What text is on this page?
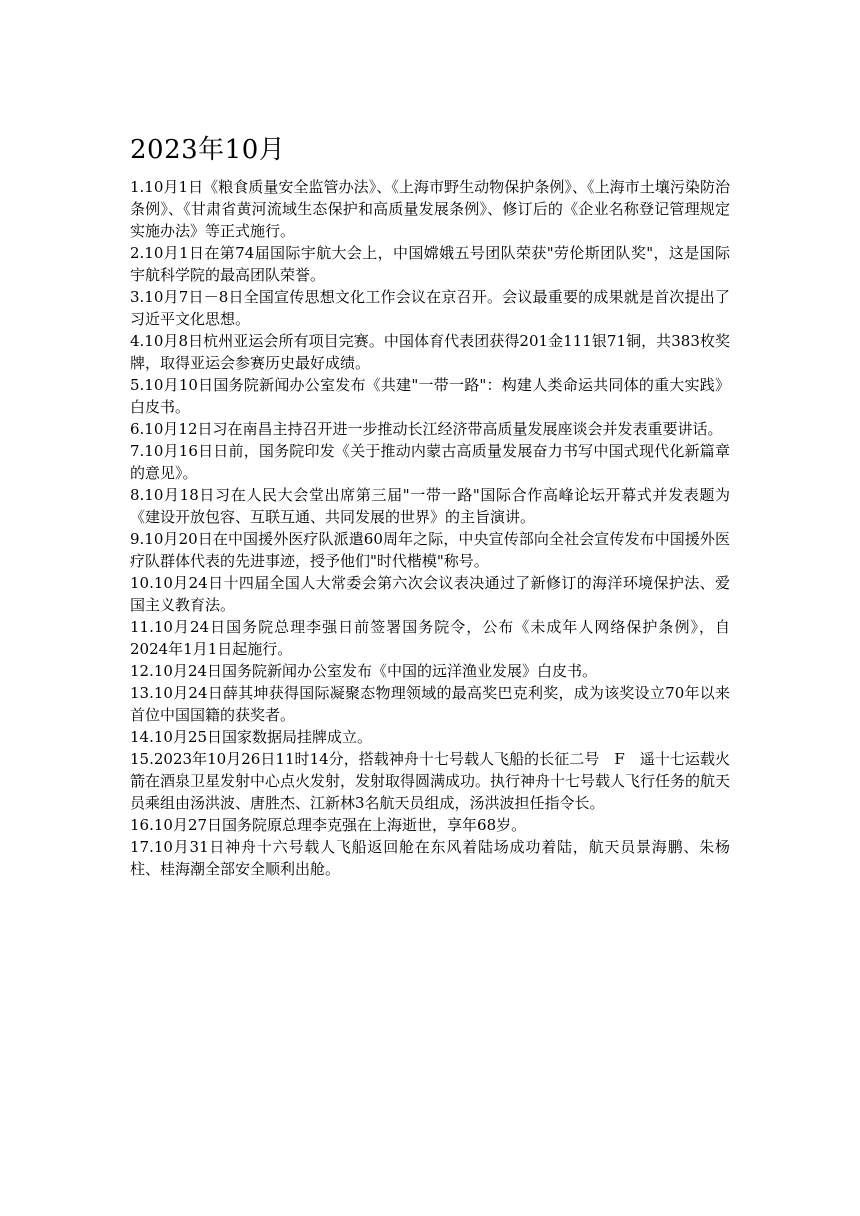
2023年10月
1.10月1日《粮食质量安全监管办法》、《上海市野生动物保护条例》、《上海市土壤污染防治条例》、《甘肃省黄河流域生态保护和高质量发展条例》、修订后的《企业名称登记管理规定实施办法》等正式施行。
2.10月1日在第74届国际宇航大会上，中国嫦娥五号团队荣获"劳伦斯团队奖"，这是国际宇航科学院的最高团队荣誉。
3.10月7日－8日全国宣传思想文化工作会议在京召开。会议最重要的成果就是首次提出了习近平文化思想。
4.10月8日杭州亚运会所有项目完赛。中国体育代表团获得201金111银71铜，共383枚奖牌，取得亚运会参赛历史最好成绩。
5.10月10日国务院新闻办公室发布《共建"一带一路"：构建人类命运共同体的重大实践》白皮书。
6.10月12日习在南昌主持召开进一步推动长江经济带高质量发展座谈会并发表重要讲话。
7.10月16日日前，国务院印发《关于推动内蒙古高质量发展奋力书写中国式现代化新篇章的意见》。
8.10月18日习在人民大会堂出席第三届"一带一路"国际合作高峰论坛开幕式并发表题为《建设开放包容、互联互通、共同发展的世界》的主旨演讲。
9.10月20日在中国援外医疗队派遣60周年之际，中央宣传部向全社会宣传发布中国援外医疗队群体代表的先进事迹，授予他们"时代楷模"称号。
10.10月24日十四届全国人大常委会第六次会议表决通过了新修订的海洋环境保护法、爱国主义教育法。
11.10月24日国务院总理李强日前签署国务院令，公布《未成年人网络保护条例》，自2024年1月1日起施行。
12.10月24日国务院新闻办公室发布《中国的远洋渔业发展》白皮书。
13.10月24日薛其坤获得国际凝聚态物理领域的最高奖巴克利奖，成为该奖设立70年以来首位中国国籍的获奖者。
14.10月25日国家数据局挂牌成立。
15.2023年10月26日11时14分，搭载神舟十七号载人飞船的长征二号　F　遥十七运载火箭在酒泉卫星发射中心点火发射，发射取得圆满成功。执行神舟十七号载人飞行任务的航天员乘组由汤洪波、唐胜杰、江新林3名航天员组成，汤洪波担任指令长。
16.10月27日国务院原总理李克强在上海逝世，享年68岁。
17.10月31日神舟十六号载人飞船返回舱在东风着陆场成功着陆，航天员景海鹏、朱杨柱、桂海潮全部安全顺利出舱。
